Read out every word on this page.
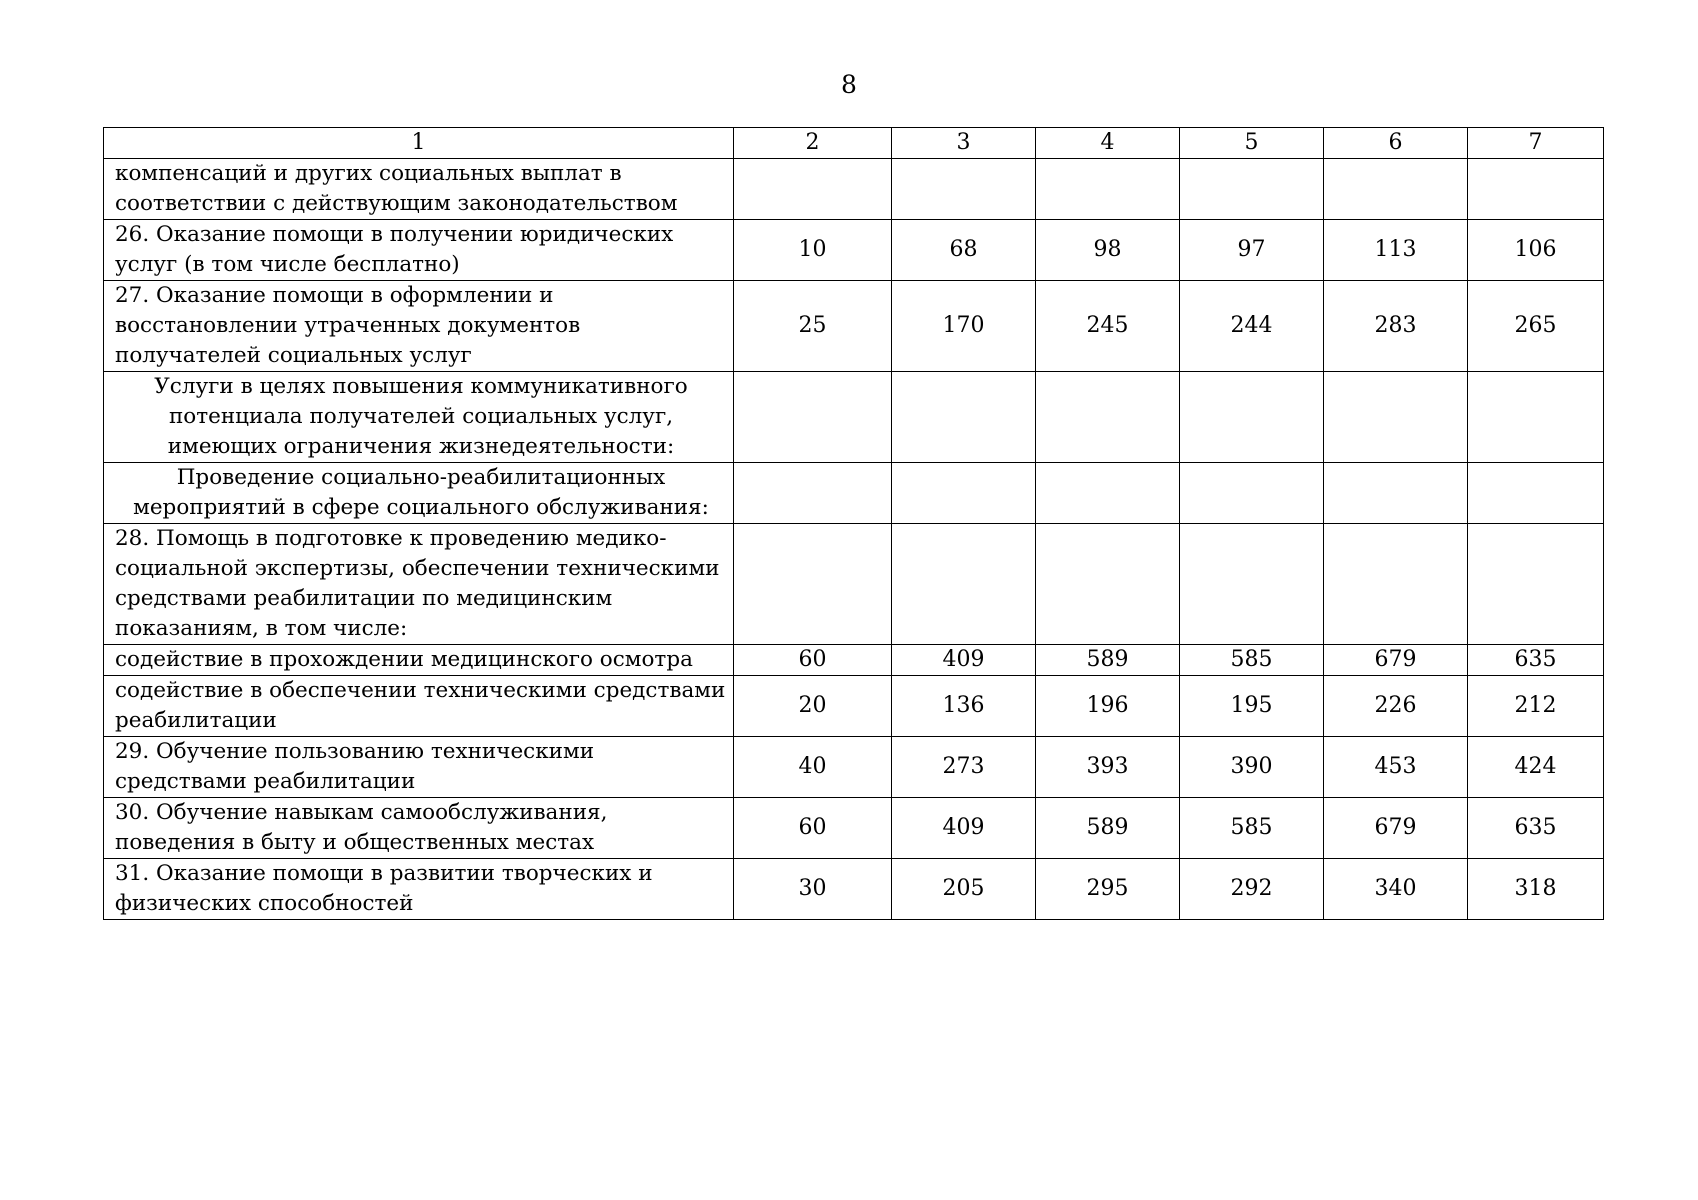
8
1	2	3	4	5	6	7
компенсаций и других социальных выплат в соответствии с действующим законодательством						
26. Оказание помощи в получении юридических услуг (в том числе бесплатно)	10	68	98	97	113	106
27. Оказание помощи в оформлении и восстановлении утраченных документов получателей социальных услуг	25	170	245	244	283	265
Услуги в целях повышения коммуникативного потенциала получателей социальных услуг, имеющих ограничения жизнедеятельности:						
Проведение социально-реабилитационных мероприятий в сфере социального обслуживания:						
28. Помощь в подготовке к проведению медико-социальной экспертизы, обеспечении техническими средствами реабилитации по медицинским показаниям, в том числе:						
содействие в прохождении медицинского осмотра	60	409	589	585	679	635
содействие в обеспечении техническими средствами реабилитации	20	136	196	195	226	212
29. Обучение пользованию техническими средствами реабилитации	40	273	393	390	453	424
30. Обучение навыкам самообслуживания, поведения в быту и общественных местах	60	409	589	585	679	635
31. Оказание помощи в развитии творческих и физических способностей	30	205	295	292	340	318
